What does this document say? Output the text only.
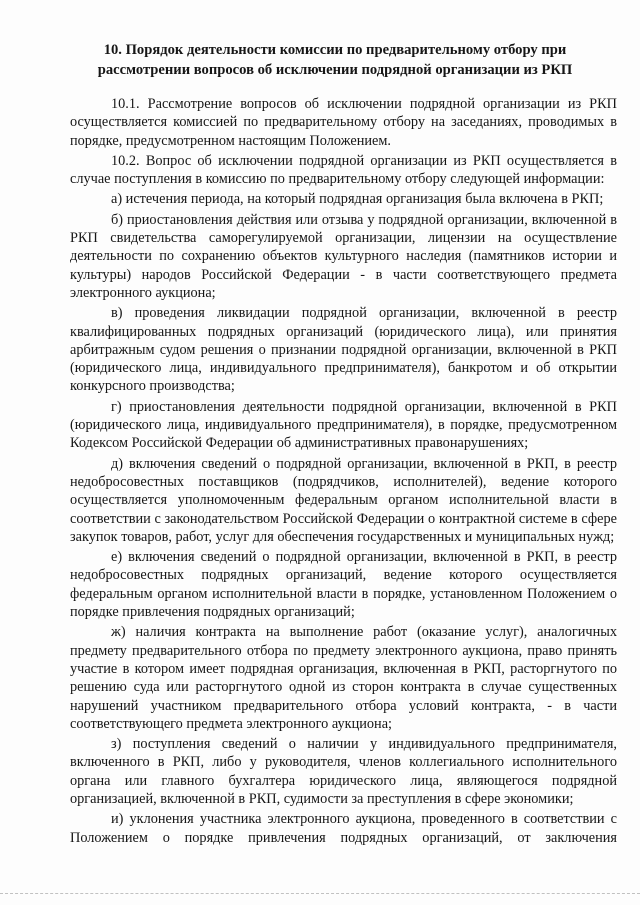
10. Порядок деятельности комиссии по предварительному отбору при
рассмотрении вопросов об исключении подрядной организации из РКП

10.1. Рассмотрение вопросов об исключении подрядной организации из РКП осуществляется комиссией по предварительному отбору на заседаниях, проводимых в порядке, предусмотренном настоящим Положением.

10.2. Вопрос об исключении подрядной организации из РКП осуществляется в случае поступления в комиссию по предварительному отбору следующей информации:

а) истечения периода, на который подрядная организация была включена в РКП;

б) приостановления действия или отзыва у подрядной организации, включенной в РКП свидетельства саморегулируемой организации, лицензии на осуществление деятельности по сохранению объектов культурного наследия (памятников истории и культуры) народов Российской Федерации - в части соответствующего предмета электронного аукциона;

в) проведения ликвидации подрядной организации, включенной в реестр квалифицированных подрядных организаций (юридического лица), или принятия арбитражным судом решения о признании подрядной организации, включенной в РКП (юридического лица, индивидуального предпринимателя), банкротом и об открытии конкурсного производства;

г) приостановления деятельности подрядной организации, включенной в РКП (юридического лица, индивидуального предпринимателя), в порядке, предусмотренном Кодексом Российской Федерации об административных правонарушениях;

д) включения сведений о подрядной организации, включенной в РКП, в реестр недобросовестных поставщиков (подрядчиков, исполнителей), ведение которого осуществляется уполномоченным федеральным органом исполнительной власти в соответствии с законодательством Российской Федерации о контрактной системе в сфере закупок товаров, работ, услуг для обеспечения государственных и муниципальных нужд;

е) включения сведений о подрядной организации, включенной в РКП, в реестр недобросовестных подрядных организаций, ведение которого осуществляется федеральным органом исполнительной власти в порядке, установленном Положением о порядке привлечения подрядных организаций;

ж) наличия контракта на выполнение работ (оказание услуг), аналогичных предмету предварительного отбора по предмету электронного аукциона, право принять участие в котором имеет подрядная организация, включенная в РКП, расторгнутого по решению суда или расторгнутого одной из сторон контракта в случае существенных нарушений участником предварительного отбора условий контракта, - в части соответствующего предмета электронного аукциона;

з) поступления сведений о наличии у индивидуального предпринимателя, включенного в РКП, либо у руководителя, членов коллегиального исполнительного органа или главного бухгалтера юридического лица, являющегося подрядной организацией, включенной в РКП, судимости за преступления в сфере экономики;

и) уклонения участника электронного аукциона, проведенного в соответствии с Положением о порядке привлечения подрядных организаций, от заключения
